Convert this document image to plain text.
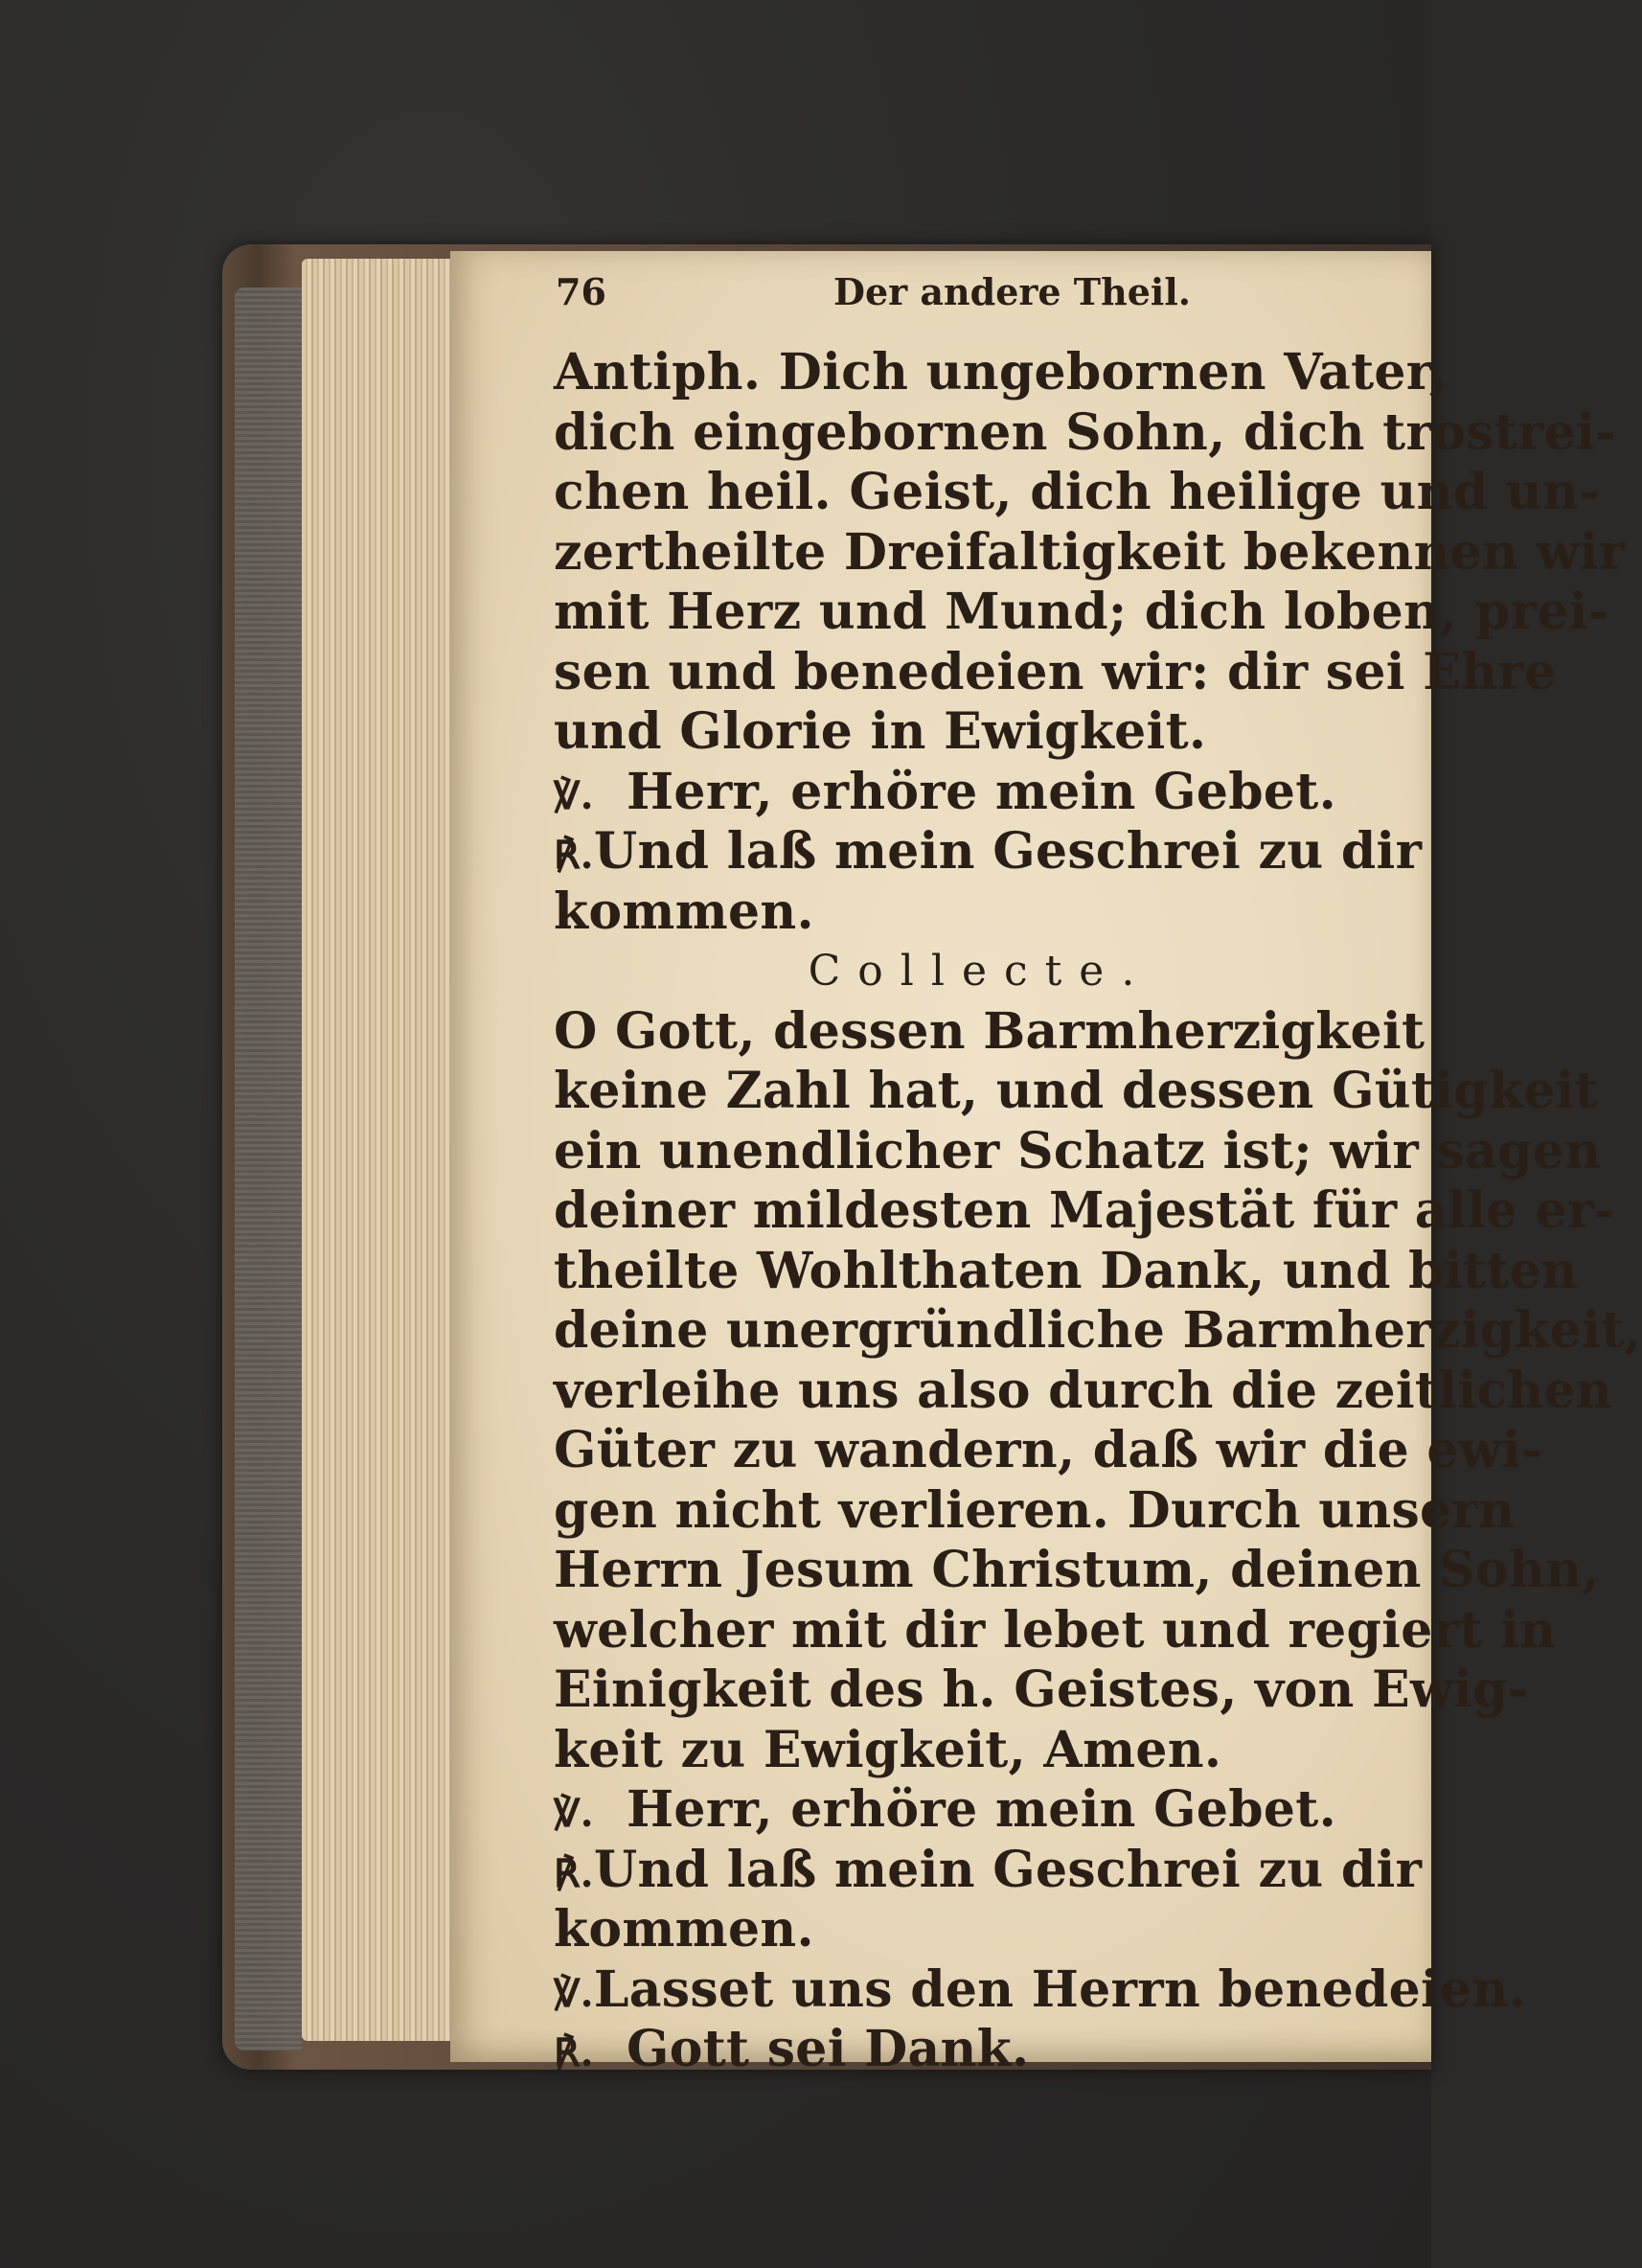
76	Der andere Theil.
Antiph. Dich ungebornen Vater,
dich eingebornen Sohn, dich trostrei-
chen heil. Geist, dich heilige und un-
zertheilte Dreifaltigkeit bekennen wir
mit Herz und Mund; dich loben, prei-
sen und benedeien wir: dir sei Ehre
und Glorie in Ewigkeit.
℣. Herr, erhöre mein Gebet.
℟. Und laß mein Geschrei zu dir
kommen.
Collecte.
O Gott, dessen Barmherzigkeit
keine Zahl hat, und dessen Gütigkeit
ein unendlicher Schatz ist; wir sagen
deiner mildesten Majestät für alle er-
theilte Wohlthaten Dank, und bitten
deine unergründliche Barmherzigkeit,
verleihe uns also durch die zeitlichen
Güter zu wandern, daß wir die ewi-
gen nicht verlieren. Durch unsern
Herrn Jesum Christum, deinen Sohn,
welcher mit dir lebet und regiert in
Einigkeit des h. Geistes, von Ewig-
keit zu Ewigkeit, Amen.
℣. Herr, erhöre mein Gebet.
℟. Und laß mein Geschrei zu dir
kommen.
℣. Lasset uns den Herrn benedeien.
℟. Gott sei Dank.
